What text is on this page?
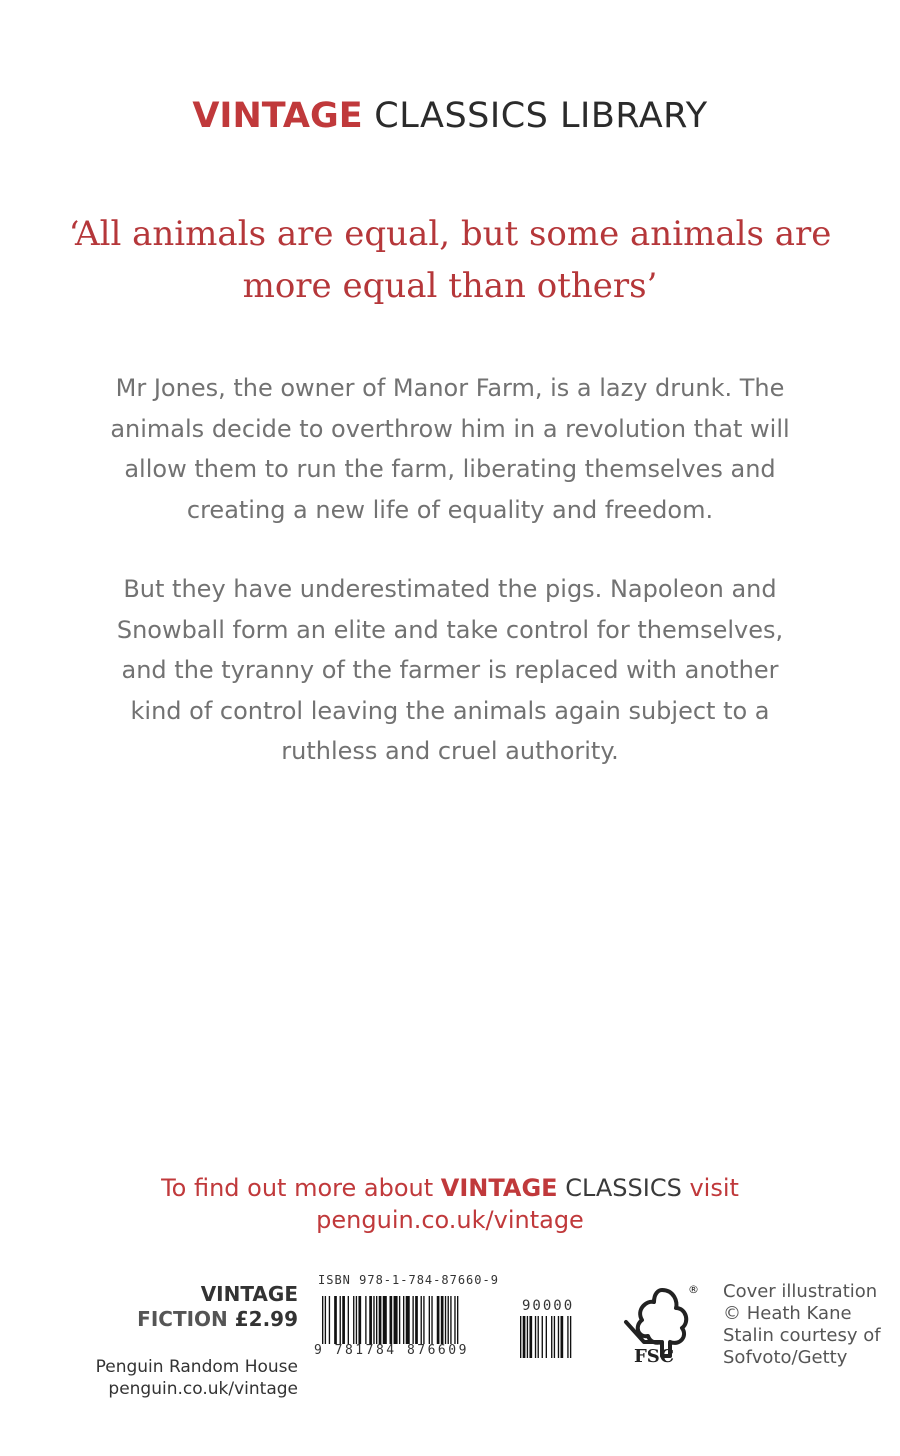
VINTAGE CLASSICS LIBRARY
‘All animals are equal, but some animals are
more equal than others’

Mr Jones, the owner of Manor Farm, is a lazy drunk. The animals decide to overthrow him in a revolution that will allow them to run the farm, liberating themselves and creating a new life of equality and freedom.

But they have underestimated the pigs. Napoleon and Snowball form an elite and take control for themselves, and the tyranny of the farmer is replaced with another kind of control leaving the animals again subject to a ruthless and cruel authority.

To find out more about VINTAGE CLASSICS visit
penguin.co.uk/vintage
VINTAGE
FICTION £2.99
Penguin Random House
penguin.co.uk/vintage
ISBN 978-1-784-87660-9
9 781784 876609
90000
®
FSC
Cover illustration
© Heath Kane
Stalin courtesy of
Sofvoto/Getty
